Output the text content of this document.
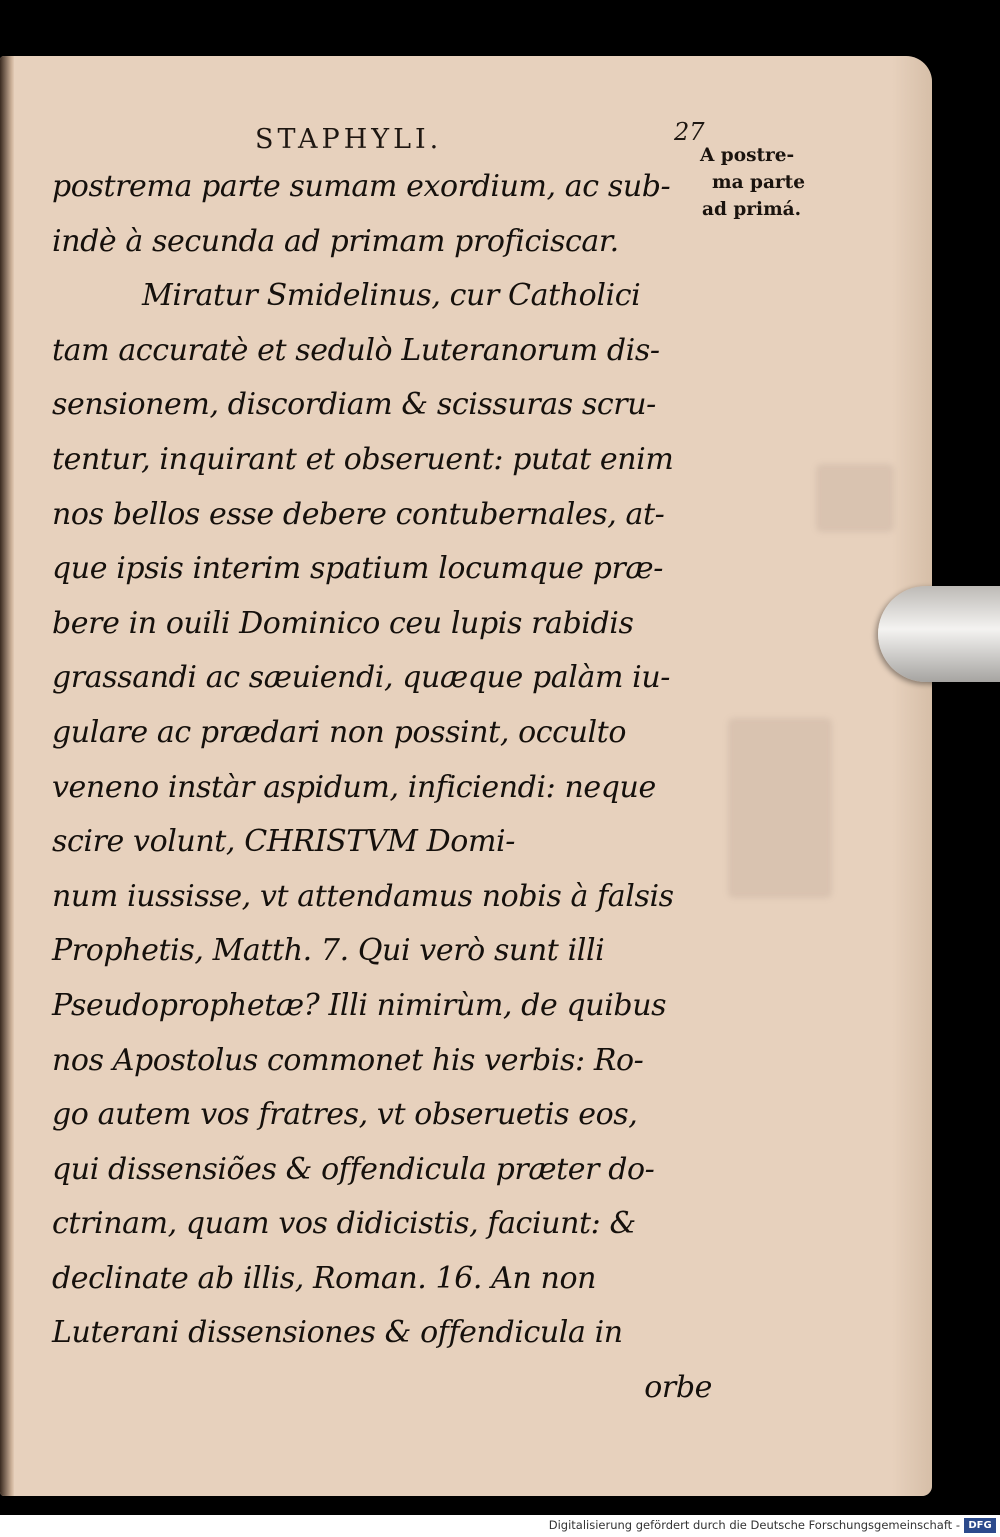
STAPHYLI.	27
postrema parte sumam exordium, ac sub-
indè à secunda ad primam proficiscar.
Miratur Smidelinus, cur Catholici
tam accuratè et sedulò Luteranorum dis-
sensionem, discordiam & scissuras scru-
tentur, inquirant et obseruent: putat enim
nos bellos esse debere contubernales, at-
que ipsis interim spatium locumque præ-
bere in ouili Dominico ceu lupis rabidis
grassandi ac sæuiendi, quæque palàm iu-
gulare ac prædari non possint, occulto
veneno instàr aspidum, inficiendi: neque
scire volunt, CHRISTVM Domi-
num iussisse, vt attendamus nobis à falsis
Prophetis, Matth. 7. Qui verò sunt illi
Pseudoprophetæ? Illi nimirùm, de quibus
nos Apostolus commonet his verbis: Ro-
go autem vos fratres, vt obseruetis eos,
qui dissensiões & offendicula præter do-
ctrinam, quam vos didicistis, faciunt: &
declinate ab illis, Roman. 16. An non
Luterani dissensiones & offendicula in
orbe
A postre-
ma parte
ad primá.
Digitalisierung gefördert durch die Deutsche Forschungsgemeinschaft - DFG
